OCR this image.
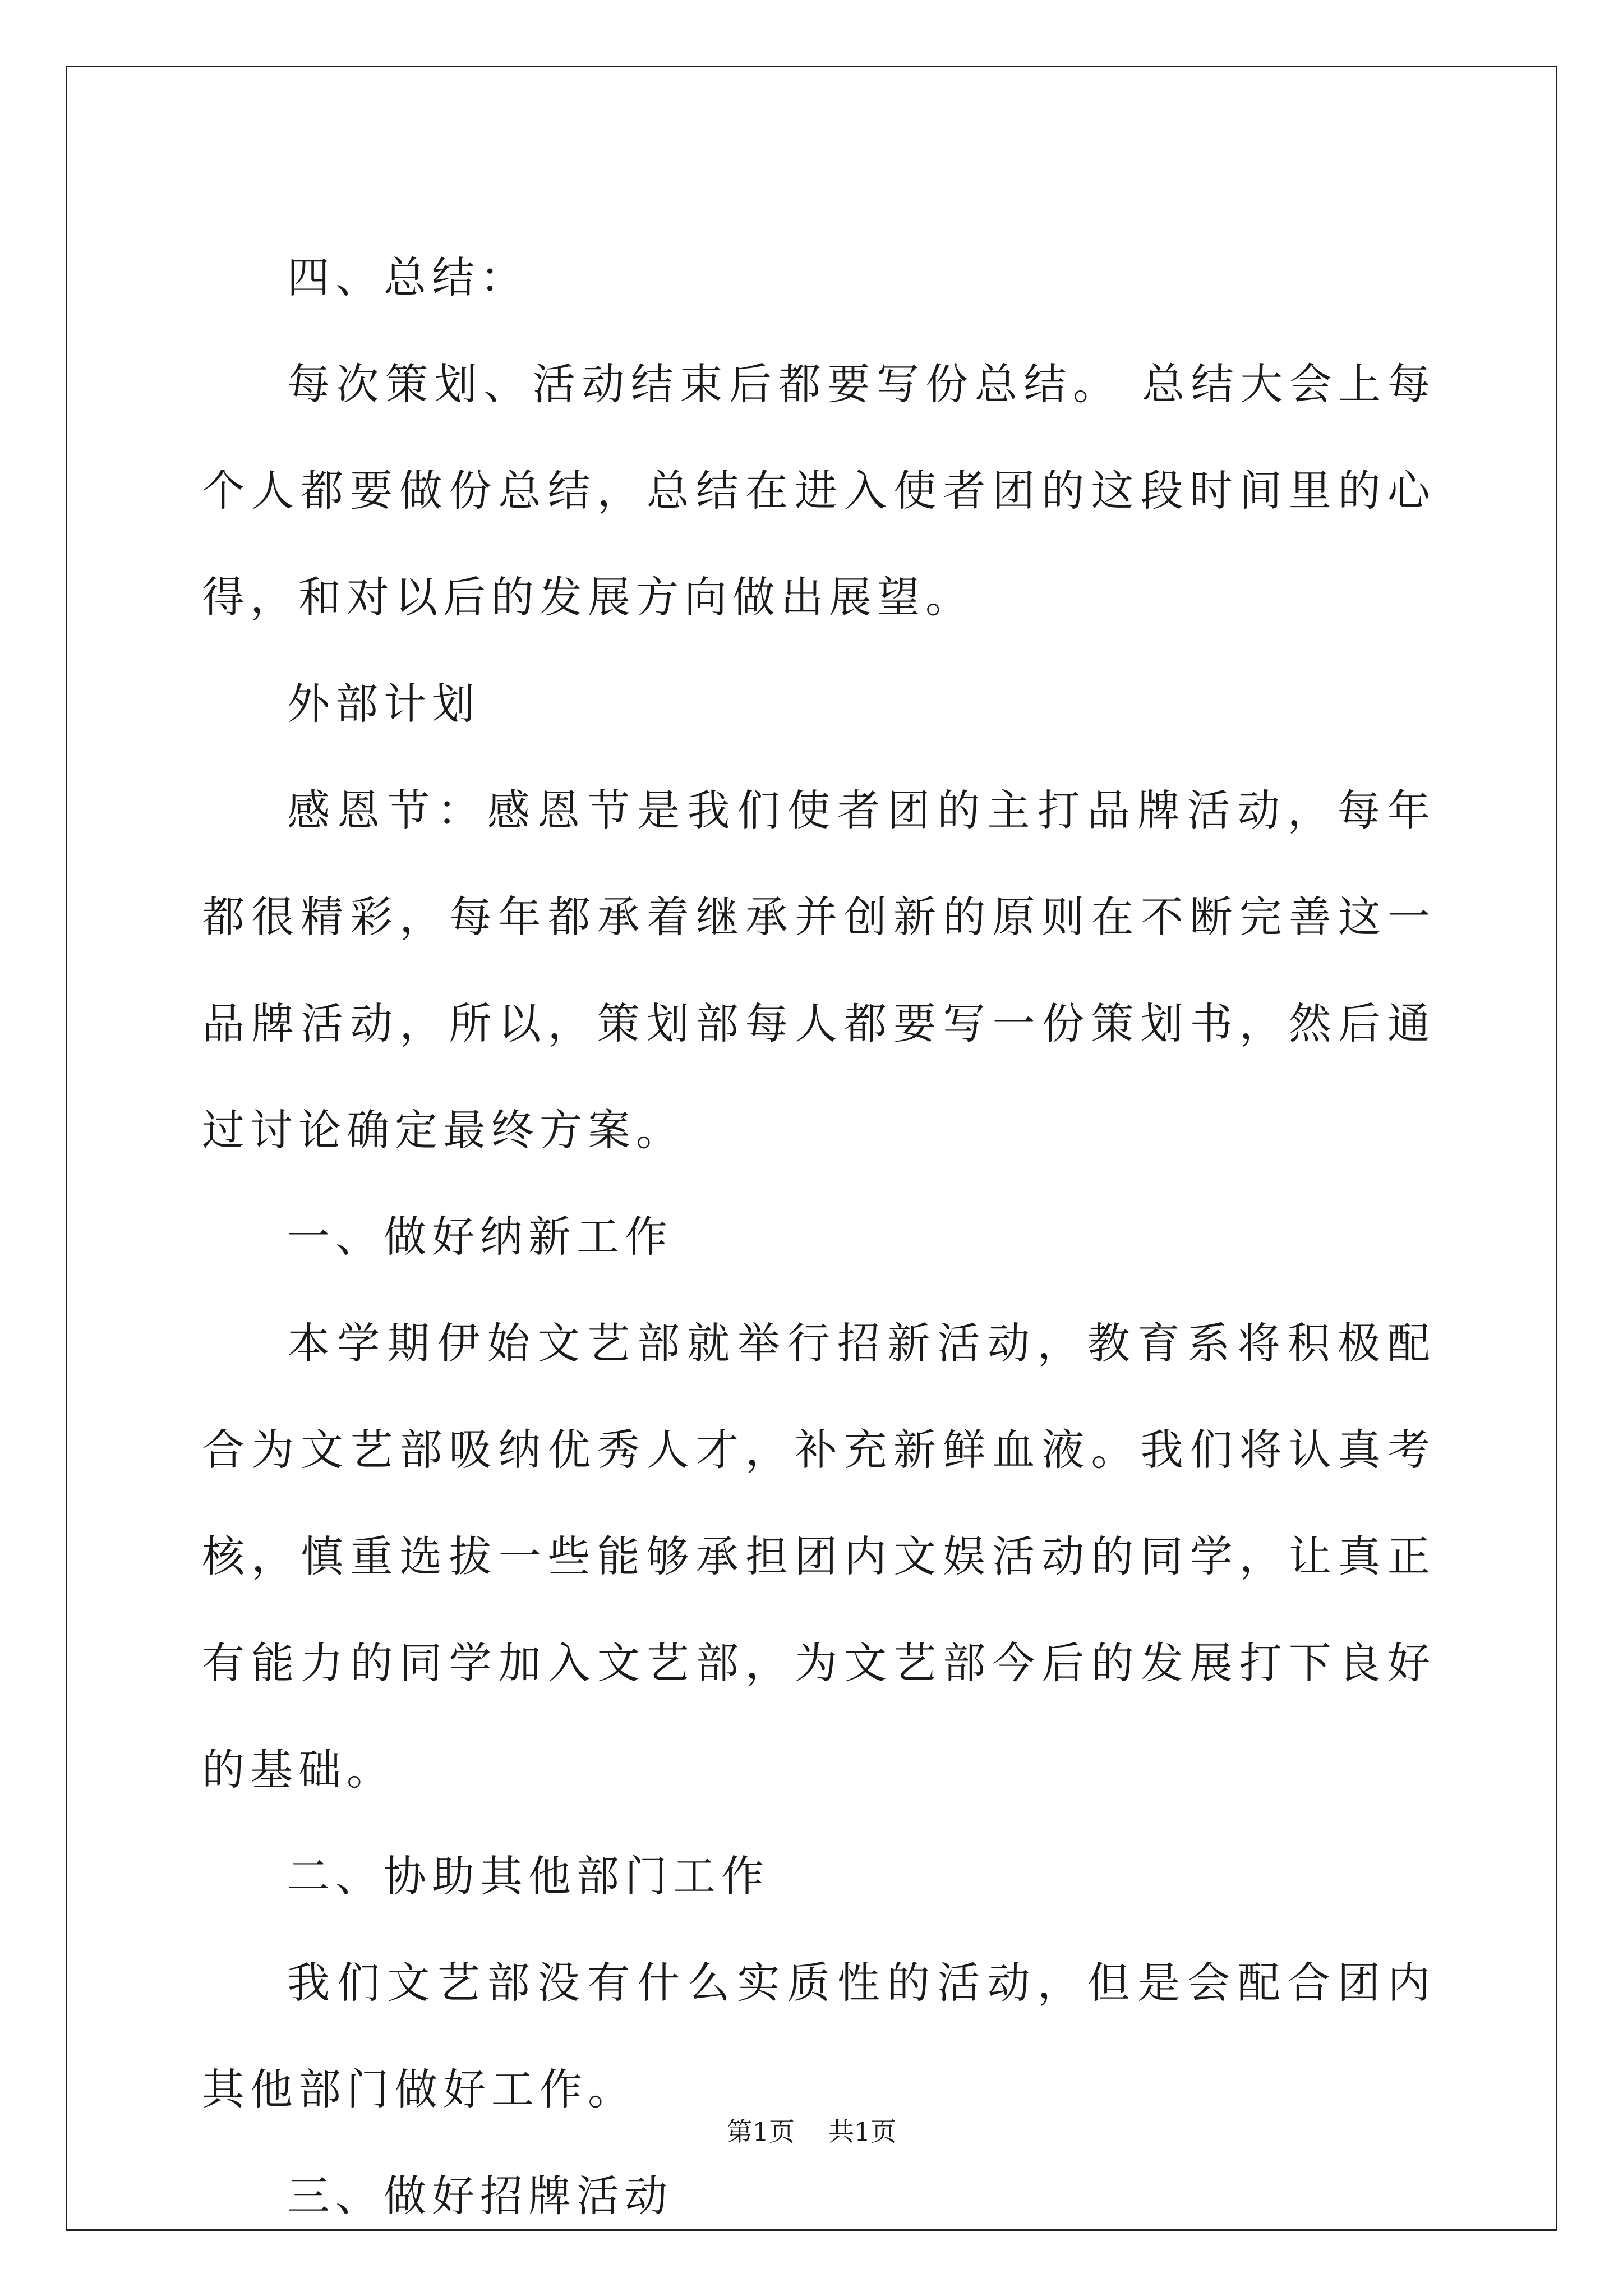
四、总结：

每次策划、活动结束后都要写份总结。 总结大会上每个人都要做份总结，总结在进入使者团的这段时间里的心得，和对以后的发展方向做出展望。

外部计划

感恩节：感恩节是我们使者团的主打品牌活动，每年都很精彩，每年都承着继承并创新的原则在不断完善这一品牌活动，所以，策划部每人都要写一份策划书，然后通过讨论确定最终方案。

一、做好纳新工作

本学期伊始文艺部就举行招新活动，教育系将积极配合为文艺部吸纳优秀人才，补充新鲜血液。我们将认真考核，慎重选拔一些能够承担团内文娱活动的同学，让真正有能力的同学加入文艺部，为文艺部今后的发展打下良好的基础。

二、协助其他部门工作

我们文艺部没有什么实质性的活动，但是会配合团内其他部门做好工作。

三、做好招牌活动

第1页 共1页
